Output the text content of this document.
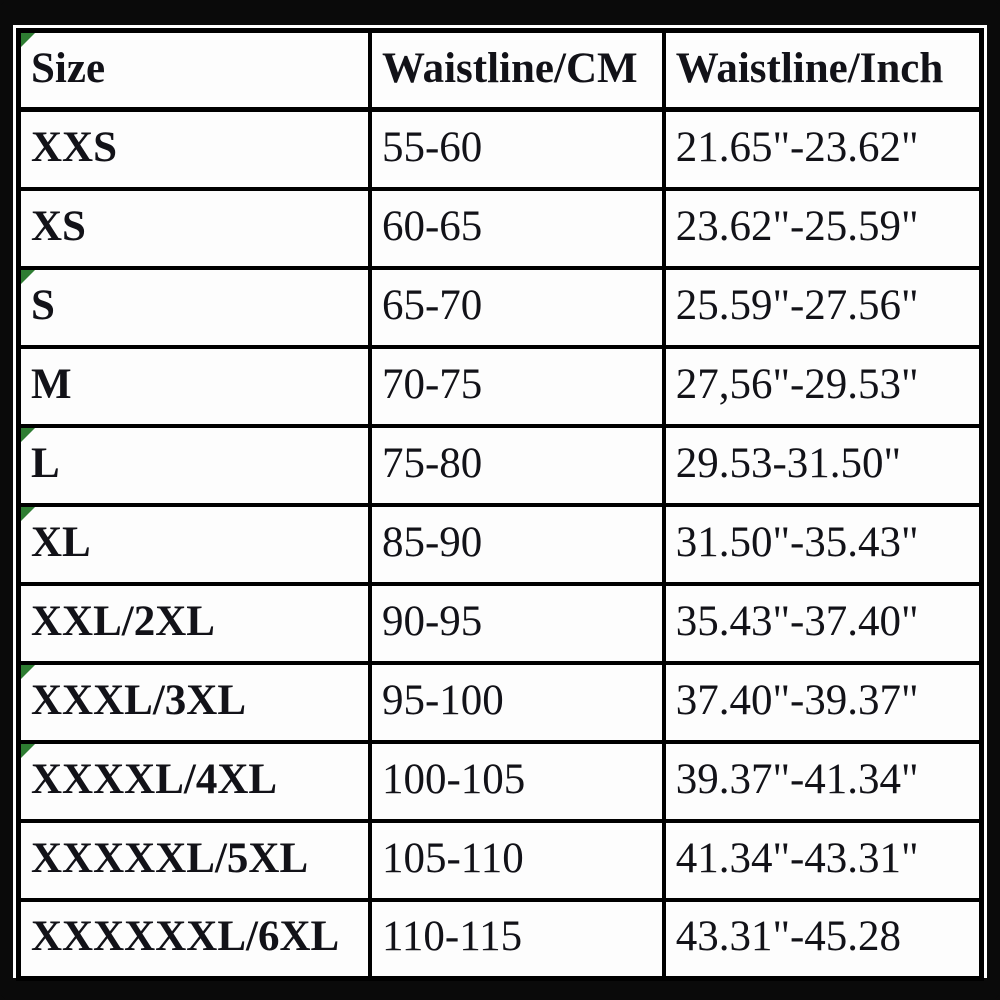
Size	Waistline/CM	Waistline/Inch
XXS	55-60	21.65"-23.62"
XS	60-65	23.62"-25.59"

S	65-70	25.59"-27.56"
M	70-75	27,56"-29.53"

L	75-80	29.53-31.50"

XL	85-90	31.50"-35.43"
XXL/2XL	90-95	35.43"-37.40"

XXXL/3XL	95-100	37.40"-39.37"

XXXXL/4XL	100-105	39.37"-41.34"
XXXXXL/5XL	105-110	41.34"-43.31"
XXXXXXL/6XL	110-115	43.31"-45.28
